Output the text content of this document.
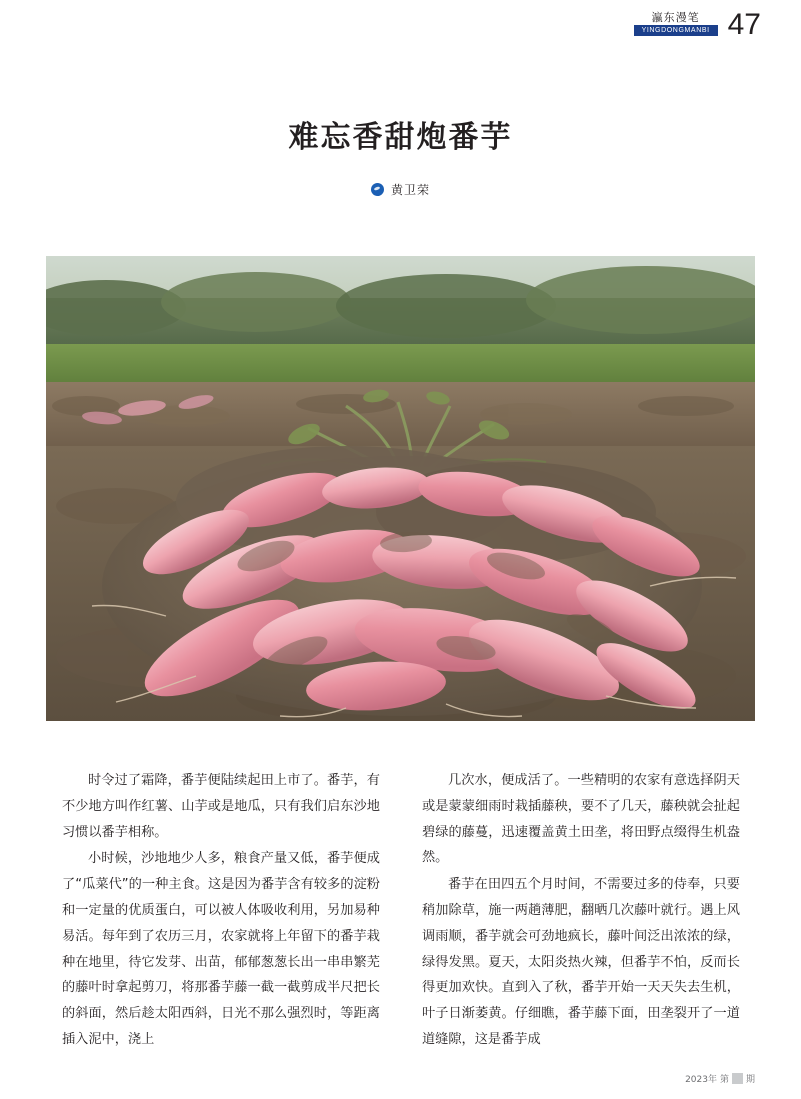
瀛东漫笔
YINGDONGMANBI 47
难忘香甜炮番芋
黄卫荣

时令过了霜降，番芋便陆续起田上市了。番芋，有不少地方叫作红薯、山芋或是地瓜，只有我们启东沙地习惯以番芋相称。

小时候，沙地地少人多，粮食产量又低，番芋便成了“瓜菜代”的一种主食。这是因为番芋含有较多的淀粉和一定量的优质蛋白，可以被人体吸收利用，另加易种易活。每年到了农历三月，农家就将上年留下的番芋栽种在地里，待它发芽、出苗，郁郁葱葱长出一串串繁芜的藤叶时拿起剪刀，将那番芋藤一截一截剪成半尺把长的斜面，然后趁太阳西斜，日光不那么强烈时，等距离插入泥中，浇上

几次水，便成活了。一些精明的农家有意选择阴天或是蒙蒙细雨时栽插藤秧，要不了几天，藤秧就会扯起碧绿的藤蔓，迅速覆盖黄土田垄，将田野点缀得生机盎然。

番芋在田四五个月时间，不需要过多的侍奉，只要稍加除草，施一两趟薄肥，翻晒几次藤叶就行。遇上风调雨顺，番芋就会可劲地疯长，藤叶间泛出浓浓的绿，绿得发黑。夏天，太阳炎热火辣，但番芋不怕，反而长得更加欢快。直到入了秋，番芋开始一天天失去生机，叶子日渐萎黄。仔细瞧，番芋藤下面，田垄裂开了一道道缝隙，这是番芋成

2023年 第 期
